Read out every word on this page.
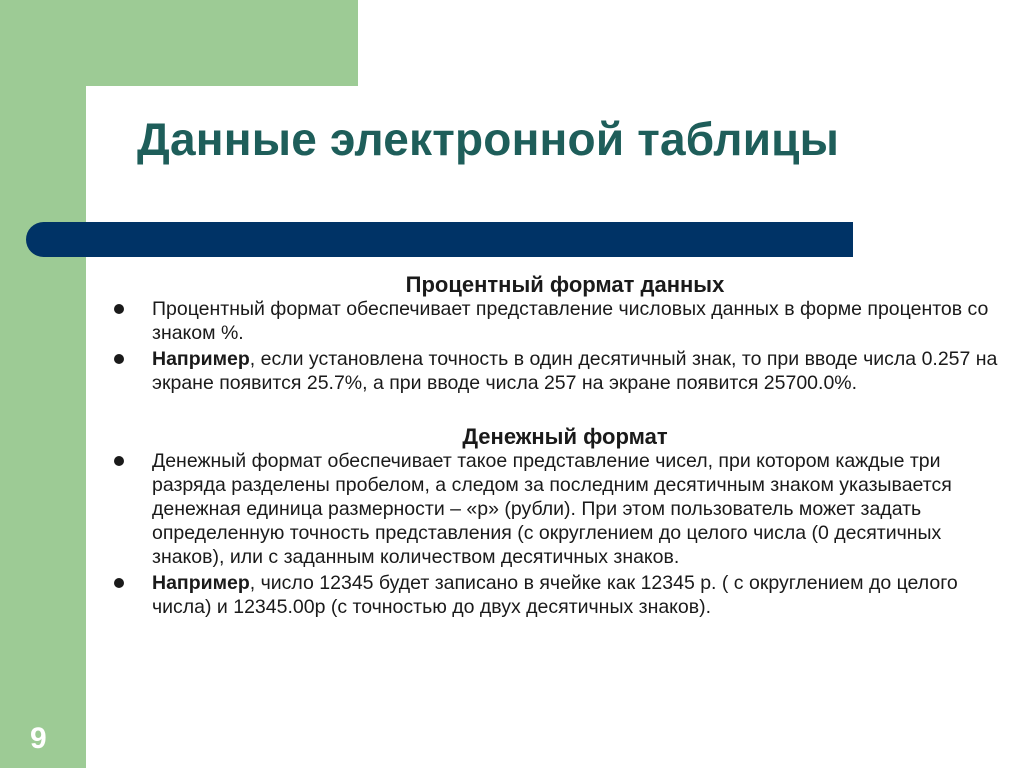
Данные электронной таблицы
Процентный формат данных
Процентный формат обеспечивает представление числовых данных в форме процентов со знаком %.
Например, если установлена точность в один десятичный знак, то при вводе числа 0.257 на экране появится 25.7%, а при вводе числа 257 на экране появится 25700.0%.
Денежный формат
Денежный формат обеспечивает такое представление чисел, при котором каждые три разряда разделены пробелом, а следом за последним десятичным знаком указывается денежная единица размерности – «р» (рубли). При этом пользователь может задать определенную точность представления (с округлением до целого числа (0 десятичных знаков), или с заданным количеством десятичных знаков.
Например, число 12345 будет записано в ячейке как 12345 р. ( с округлением до целого числа) и 12345.00р (с точностью до двух десятичных знаков).
9
